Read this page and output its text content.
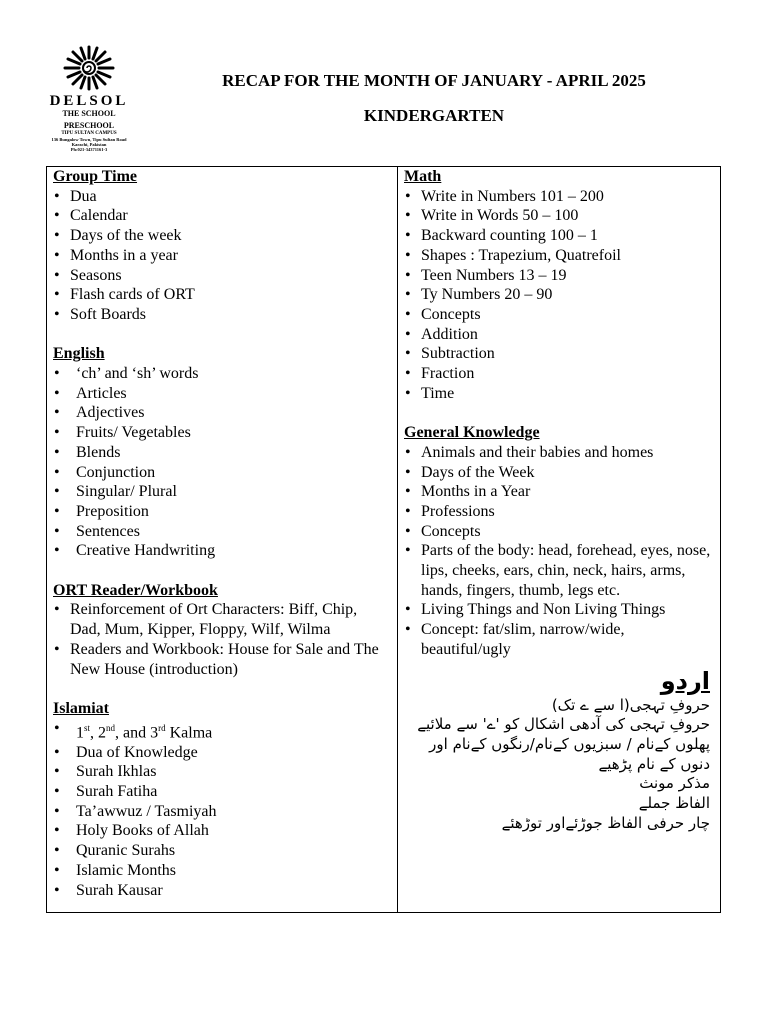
DELSOL
THE SCHOOL
PRESCHOOL
TIPU SULTAN CAMPUS
136 Bungalow Town, Tipu Sultan Road
Karachi, Pakistan
Ph:021-34371161-3
RECAP FOR THE MONTH OF JANUARY - APRIL 2025
KINDERGARTEN
Group Time
• Dua
• Calendar
• Days of the week
• Months in a year
• Seasons
• Flash cards of ORT
• Soft Boards
English
• ‘ch’ and ‘sh’ words
• Articles
• Adjectives
• Fruits/ Vegetables
• Blends
• Conjunction
• Singular/ Plural
• Preposition
• Sentences
• Creative Handwriting
ORT Reader/Workbook
• Reinforcement of Ort Characters: Biff, Chip, Dad, Mum, Kipper, Floppy, Wilf, Wilma
• Readers and Workbook: House for Sale and The New House (introduction)
Islamiat
• 1st, 2nd, and 3rd Kalma
• Dua of Knowledge
• Surah Ikhlas
• Surah Fatiha
• Ta’awwuz / Tasmiyah
• Holy Books of Allah
• Quranic Surahs
• Islamic Months
• Surah Kausar
Math
• Write in Numbers 101 – 200
• Write in Words 50 – 100
• Backward counting 100 – 1
• Shapes : Trapezium, Quatrefoil
• Teen Numbers 13 – 19
• Ty Numbers 20 – 90
• Concepts
• Addition
• Subtraction
• Fraction
• Time
General Knowledge
• Animals and their babies and homes
• Days of the Week
• Months in a Year
• Professions
• Concepts
• Parts of the body: head, forehead, eyes, nose, lips, cheeks, ears, chin, neck, hairs, arms, hands, fingers, thumb, legs etc.
• Living Things and Non Living Things
• Concept: fat/slim, narrow/wide, beautiful/ugly
اردو
حروفِ تہجی(ا سے ے تک)
حروفِ تہجی کی آدھی اشکال کو 'ے' سے ملائیے
پھلوں کےنام / سبزیوں کےنام/رنگوں کےنام اور دنوں کے نام پڑھیے
مذکر مونث
الفاظ جملے
چار حرفی الفاظ جوڑئےاور توڑھئے
